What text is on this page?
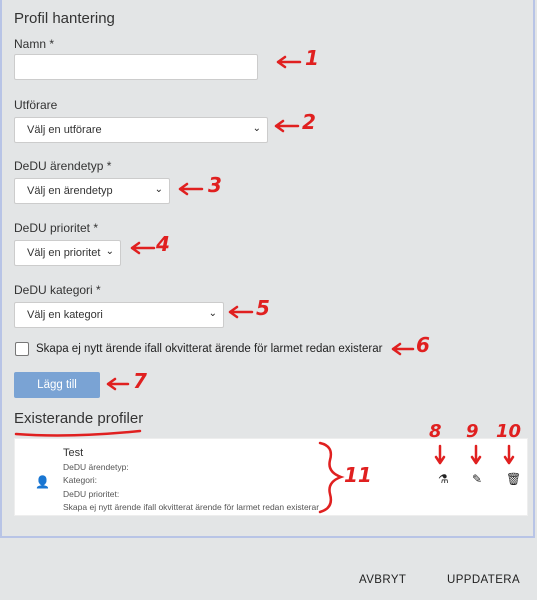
Profil hantering
Namn *
Utförare
Välj en utförare	⌄
DeDU ärendetyp *
Välj en ärendetyp	⌄
DeDU prioritet *
Välj en prioritet ⌄
DeDU kategori *
Välj en kategori	⌄
Skapa ej nytt ärende ifall okvitterat ärende för larmet redan existerar
Lägg till
Existerande profiler
👤
Test
DeDU ärendetyp:
Kategori:
DeDU prioritet:
Skapa ej nytt ärende ifall okvitterat ärende för larmet redan existerar
⚗ ✎ 🗑
AVBRYT	UPPDATERA
1
2
3
4
5
6
7
8 9 10
11
